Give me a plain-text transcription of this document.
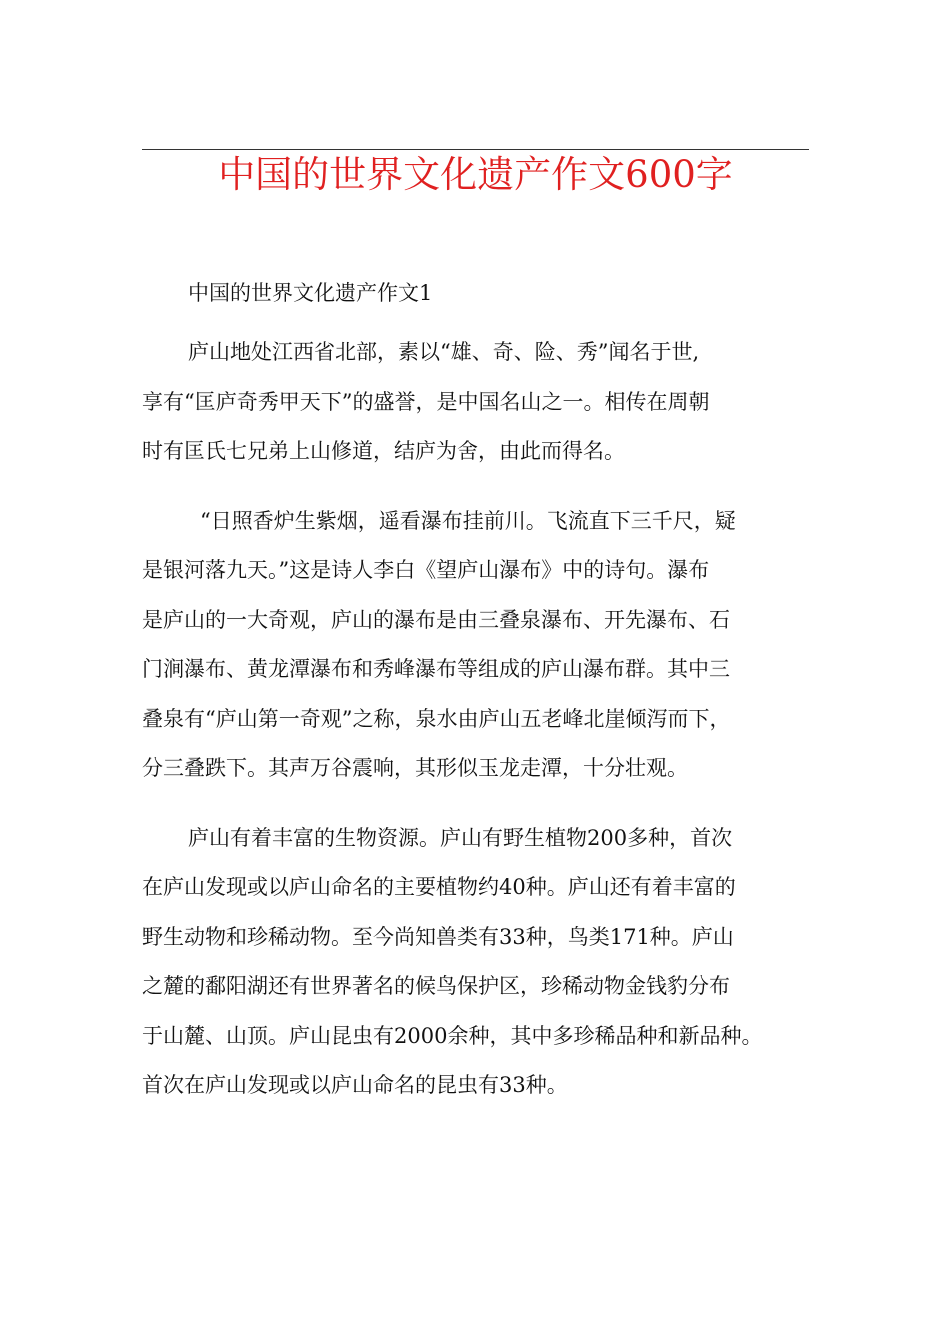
中国的世界文化遗产作文600字

中国的世界文化遗产作文1

庐山地处江西省北部，素以“雄、奇、险、秀”闻名于世,
享有“匡庐奇秀甲天下”的盛誉，是中国名山之一。相传在周朝
时有匡氏七兄弟上山修道，结庐为舍，由此而得名。
“日照香炉生紫烟，遥看瀑布挂前川。飞流直下三千尺，疑
是银河落九天。”这是诗人李白《望庐山瀑布》中的诗句。瀑布
是庐山的一大奇观，庐山的瀑布是由三叠泉瀑布、开先瀑布、石
门涧瀑布、黄龙潭瀑布和秀峰瀑布等组成的庐山瀑布群。其中三
叠泉有“庐山第一奇观”之称，泉水由庐山五老峰北崖倾泻而下，
分三叠跌下。其声万谷震响，其形似玉龙走潭，十分壮观。
庐山有着丰富的生物资源。庐山有野生植物200多种，首次
在庐山发现或以庐山命名的主要植物约40种。庐山还有着丰富的
野生动物和珍稀动物。至今尚知兽类有33种，鸟类171种。庐山
之麓的鄱阳湖还有世界著名的候鸟保护区，珍稀动物金钱豹分布
于山麓、山顶。庐山昆虫有2000余种，其中多珍稀品种和新品种。
首次在庐山发现或以庐山命名的昆虫有33种。
